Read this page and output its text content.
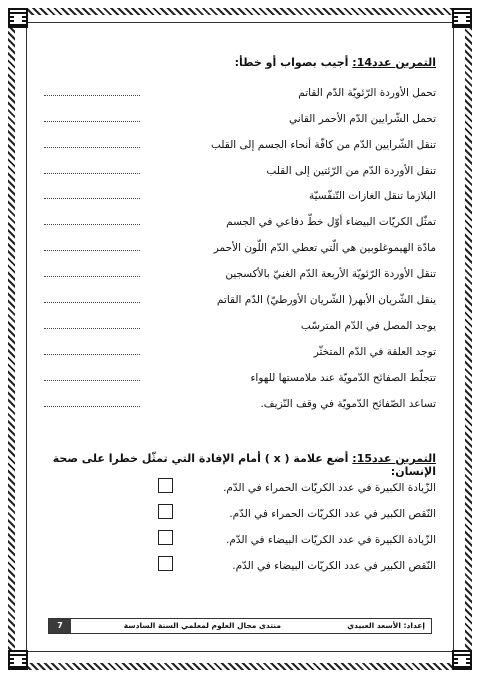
التمرين عدد14: أجيب بصواب أو خطأ:
تحمل الأوردة الرّئويّة الدّم القاتم
تحمل الشّرايين الدّم الأحمر القاني
تنقل الشّرايين الدّم من كافّة أنحاء الجسم إلى القلب
تنقل الأوردة الدّم من الرّئتين إلى القلب
البلازما تنقل الغازات التّنفّسيّة
تمثّل الكريّات البيضاء أوّل خطّ دفاعي في الجسم
مادّة الهيموغلوبين هي الّتي تعطي الدّم اللّون الأحمر
تنقل الأوردة الرّئويّة الأربعة الدّم الغنيّ بالأكسجين
ينقل الشّريان الأبهر( الشّريان الأورطيّ) الدّم القاتم
يوجد المصل في الدّم المترسّب
توجد العلقة في الدّم المتخثّر
تتجلّط الصفائح الدّمويّة عند ملامستها للهواء
تساعد الصّفائح الدّمويّة في وقف النّزيف.
التمرين عدد15: أضع علامة ( x ) أمام الإفادة التي تمثّل خطرا على صحة الإنسان:
الزّيادة الكبيرة في عدد الكريّات الحمراء في الدّم.
النّقص الكبير في عدد الكريّات الحمراء في الدّم.
الزّيادة الكبيرة في عدد الكريّات البيضاء في الدّم.
النّقص الكبير في عدد الكريّات البيضاء في الدّم.
إعداد: الأسعد العبيدي
منتدى مجال العلوم لمعلمي السنة السادسة
7
